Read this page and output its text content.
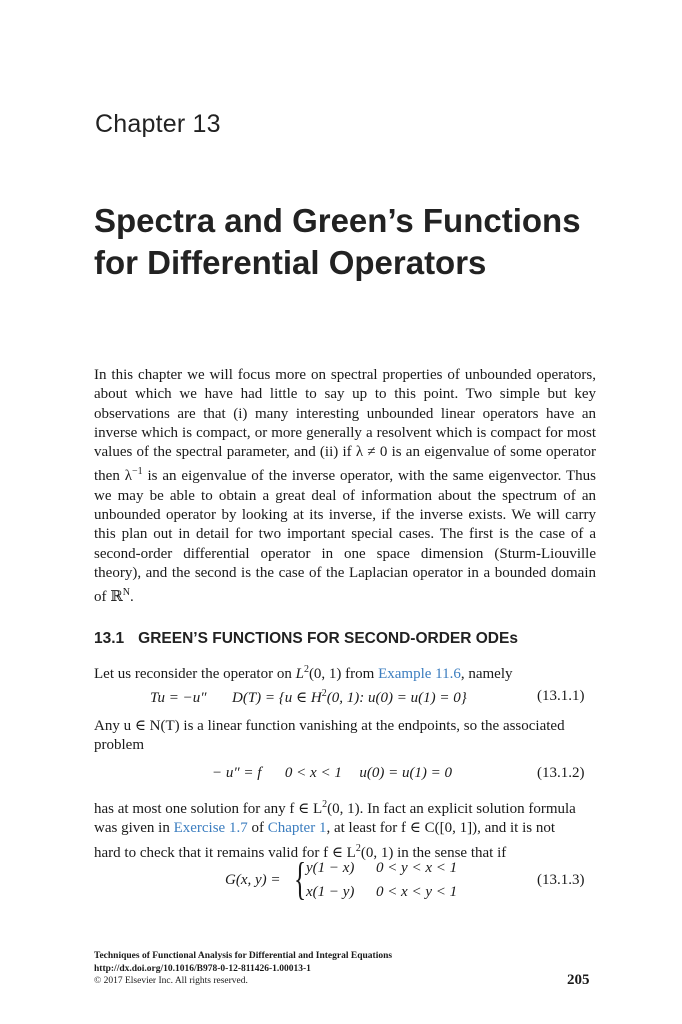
Chapter 13
Spectra and Green’s Functions
for Differential Operators
In this chapter we will focus more on spectral properties of unbounded operators, about which we have had little to say up to this point. Two simple but key observations are that (i) many interesting unbounded linear operators have an inverse which is compact, or more generally a resolvent which is compact for most values of the spectral parameter, and (ii) if λ ≠ 0 is an eigenvalue of some operator then $\lambda^{-1}$ is an eigenvalue of the inverse operator, with the same eigenvector. Thus we may be able to obtain a great deal of information about the spectrum of an unbounded operator by looking at its inverse, if the inverse exists. We will carry this plan out in detail for two important special cases. The first is the case of a second-order differential operator in one space dimension (Sturm-Liouville theory), and the second is the case of the Laplacian operator in a bounded domain of ℝ$^N$.
13.1 GREEN’S FUNCTIONS FOR SECOND-ORDER ODEs
Let us reconsider the operator on $L^2(0$, 1) from Example 11.6, namely
Tu = −u″ D(T) = {u ∈ $H^2(0$, 1): u(0) = u(1) = 0}	(13.1.1)
Any u ∈ N(T) is a linear function vanishing at the endpoints, so the associated
problem
− u″ = f 0 < x < 1 u(0) = u(1) = 0	(13.1.2)
has at most one solution for any f ∈ $L^2(0$, 1). In fact an explicit solution formula
was given in Exercise 1.7 of Chapter 1, at least for f ∈ C([0, 1]), and it is not
hard to check that it remains valid for f ∈ $L^2(0$, 1) in the sense that if
G(x, y) = { y(1 − x) 0 < y < x < 1
x(1 − y) 0 < x < y < 1
(13.1.3)
Techniques of Functional Analysis for Differential and Integral Equations
http://dx.doi.org/10.1016/B978-0-12-811426-1.00013-1
© 2017 Elsevier Inc. All rights reserved.	205
